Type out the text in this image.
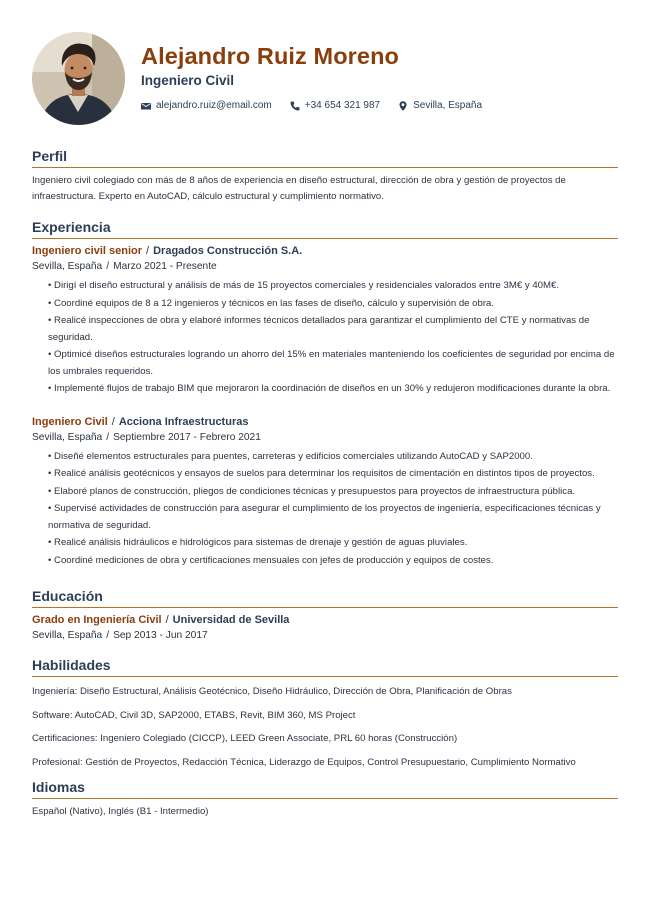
Alejandro Ruiz Moreno
Ingeniero Civil
alejandro.ruiz@email.com	+34 654 321 987	Sevilla, España
Perfil
Ingeniero civil colegiado con más de 8 años de experiencia en diseño estructural, dirección de obra y gestión de proyectos de infraestructura. Experto en AutoCAD, cálculo estructural y cumplimiento normativo.
Experiencia
Ingeniero civil senior / Dragados Construcción S.A.
Sevilla, España / Marzo 2021 - Presente
• Dirigí el diseño estructural y análisis de más de 15 proyectos comerciales y residenciales valorados entre 3M€ y 40M€.
• Coordiné equipos de 8 a 12 ingenieros y técnicos en las fases de diseño, cálculo y supervisión de obra.
• Realicé inspecciones de obra y elaboré informes técnicos detallados para garantizar el cumplimiento del CTE y normativas de seguridad.
• Optimicé diseños estructurales logrando un ahorro del 15% en materiales manteniendo los coeficientes de seguridad por encima de los umbrales requeridos.
• Implementé flujos de trabajo BIM que mejoraron la coordinación de diseños en un 30% y redujeron modificaciones durante la obra.
Ingeniero Civil / Acciona Infraestructuras
Sevilla, España / Septiembre 2017 - Febrero 2021
• Diseñé elementos estructurales para puentes, carreteras y edificios comerciales utilizando AutoCAD y SAP2000.
• Realicé análisis geotécnicos y ensayos de suelos para determinar los requisitos de cimentación en distintos tipos de proyectos.
• Elaboré planos de construcción, pliegos de condiciones técnicas y presupuestos para proyectos de infraestructura pública.
• Supervisé actividades de construcción para asegurar el cumplimiento de los proyectos de ingeniería, especificaciones técnicas y normativa de seguridad.
• Realicé análisis hidráulicos e hidrológicos para sistemas de drenaje y gestión de aguas pluviales.
• Coordiné mediciones de obra y certificaciones mensuales con jefes de producción y equipos de costes.
Educación
Grado en Ingeniería Civil / Universidad de Sevilla
Sevilla, España / Sep 2013 - Jun 2017
Habilidades
Ingeniería: Diseño Estructural, Análisis Geotécnico, Diseño Hidráulico, Dirección de Obra, Planificación de Obras
Software: AutoCAD, Civil 3D, SAP2000, ETABS, Revit, BIM 360, MS Project
Certificaciones: Ingeniero Colegiado (CICCP), LEED Green Associate, PRL 60 horas (Construcción)
Profesional: Gestión de Proyectos, Redacción Técnica, Liderazgo de Equipos, Control Presupuestario, Cumplimiento Normativo
Idiomas
Español (Nativo), Inglés (B1 - Intermedio)
